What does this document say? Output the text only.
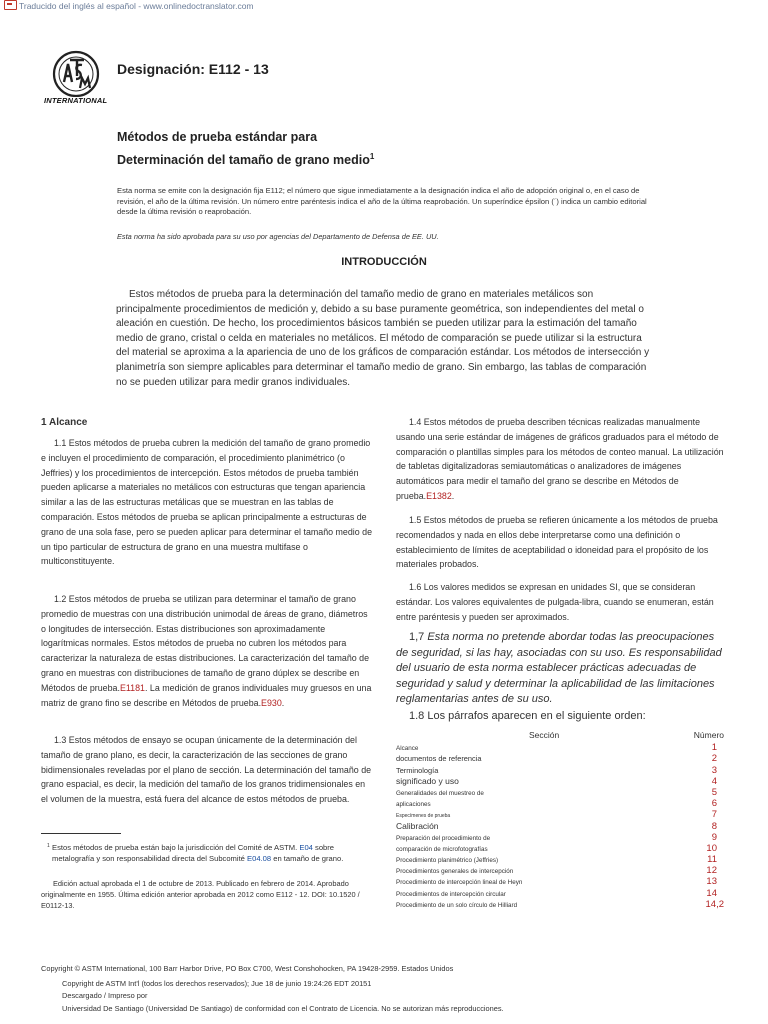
Traducido del inglés al español - www.onlinedoctranslator.com
INTERNATIONAL
Designación: E112 - 13
Métodos de prueba estándar para
Determinación del tamaño de grano medio$^1$
Esta norma se emite con la designación fija E112; el número que sigue inmediatamente a la designación indica el año de adopción original o, en el caso de revisión, el año de la última revisión. Un número entre paréntesis indica el año de la última reaprobación. Un superíndice épsilon (´) indica un cambio editorial desde la última revisión o reaprobación.
Esta norma ha sido aprobada para su uso por agencias del Departamento de Defensa de EE. UU.
INTRODUCCIÓN
Estos métodos de prueba para la determinación del tamaño medio de grano en materiales metálicos son principalmente procedimientos de medición y, debido a su base puramente geométrica, son independientes del metal o aleación en cuestión. De hecho, los procedimientos básicos también se pueden utilizar para la estimación del tamaño medio de grano, cristal o celda en materiales no metálicos. El método de comparación se puede utilizar si la estructura del material se aproxima a la apariencia de uno de los gráficos de comparación estándar. Los métodos de intersección y planimetría son siempre aplicables para determinar el tamaño medio de grano. Sin embargo, las tablas de comparación no se pueden utilizar para medir granos individuales.
1 Alcance

1.1 Estos métodos de prueba cubren la medición del tamaño de grano promedio e incluyen el procedimiento de comparación, el procedimiento planimétrico (o Jeffries) y los procedimientos de intercepción. Estos métodos de prueba también pueden aplicarse a materiales no metálicos con estructuras que tengan apariencia similar a las de las estructuras metálicas que se muestran en las tablas de comparación. Estos métodos de prueba se aplican principalmente a estructuras de grano de una sola fase, pero se pueden aplicar para determinar el tamaño medio de un tipo particular de estructura de grano en una muestra multifase o multiconstituyente.

1.2 Estos métodos de prueba se utilizan para determinar el tamaño de grano promedio de muestras con una distribución unimodal de áreas de grano, diámetros o longitudes de intersección. Estas distribuciones son aproximadamente logarítmicas normales. Estos métodos de prueba no cubren los métodos para caracterizar la naturaleza de estas distribuciones. La caracterización del tamaño de grano en muestras con distribuciones de tamaño de grano dúplex se describe en Métodos de prueba.E1181. La medición de granos individuales muy gruesos en una matriz de grano fino se describe en Métodos de prueba.E930.

1.3 Estos métodos de ensayo se ocupan únicamente de la determinación del tamaño de grano plano, es decir, la caracterización de las secciones de grano bidimensionales reveladas por el plano de sección. La determinación del tamaño de grano espacial, es decir, la medición del tamaño de los granos tridimensionales en el volumen de la muestra, está fuera del alcance de estos métodos de prueba.

1.4 Estos métodos de prueba describen técnicas realizadas manualmente usando una serie estándar de imágenes de gráficos graduados para el método de comparación o plantillas simples para los métodos de conteo manual. La utilización de tabletas digitalizadoras semiautomáticas o analizadores de imágenes automáticos para medir el tamaño del grano se describe en Métodos de prueba.E1382.

1.5 Estos métodos de prueba se refieren únicamente a los métodos de prueba recomendados y nada en ellos debe interpretarse como una definición o establecimiento de límites de aceptabilidad o idoneidad para el propósito de los materiales probados.

1.6 Los valores medidos se expresan en unidades SI, que se consideran estándar. Los valores equivalentes de pulgada-libra, cuando se enumeran, están entre paréntesis y pueden ser aproximados.

1,7 Esta norma no pretende abordar todas las preocupaciones de seguridad, si las hay, asociadas con su uso. Es responsabilidad del usuario de esta norma establecer prácticas adecuadas de seguridad y salud y determinar la aplicabilidad de las limitaciones reglamentarias antes de su uso.
1.8 Los párrafos aparecen en el siguiente orden:
Sección	Número
Alcance	1
documentos de referencia	2
Terminología	3
significado y uso	4
Generalidades del muestreo de	5
aplicaciones	6
Especímenes de prueba	7
Calibración	8
Preparación del procedimiento de	9
comparación de microfotografías	10
Procedimiento planimétrico (Jeffries)	11
Procedimientos generales de intercepción	12
Procedimiento de intercepción lineal de Heyn	13
Procedimientos de intercepción circular	14
Procedimiento de un solo círculo de Hilliard	14,2
1 Estos métodos de prueba están bajo la jurisdicción del Comité de ASTM. E04 sobre metalografía y son responsabilidad directa del Subcomité E04.08 en tamaño de grano.
Edición actual aprobada el 1 de octubre de 2013. Publicado en febrero de 2014. Aprobado originalmente en 1955. Última edición anterior aprobada en 2012 como E112 - 12. DOI: 10.1520 / E0112-13.
Copyright © ASTM International, 100 Barr Harbor Drive, PO Box C700, West Conshohocken, PA 19428-2959. Estados Unidos
Copyright de ASTM Int'l (todos los derechos reservados); Jue 18 de junio 19:24:26 EDT 20151
Descargado / Impreso por
Universidad De Santiago (Universidad De Santiago) de conformidad con el Contrato de Licencia. No se autorizan más reproducciones.
